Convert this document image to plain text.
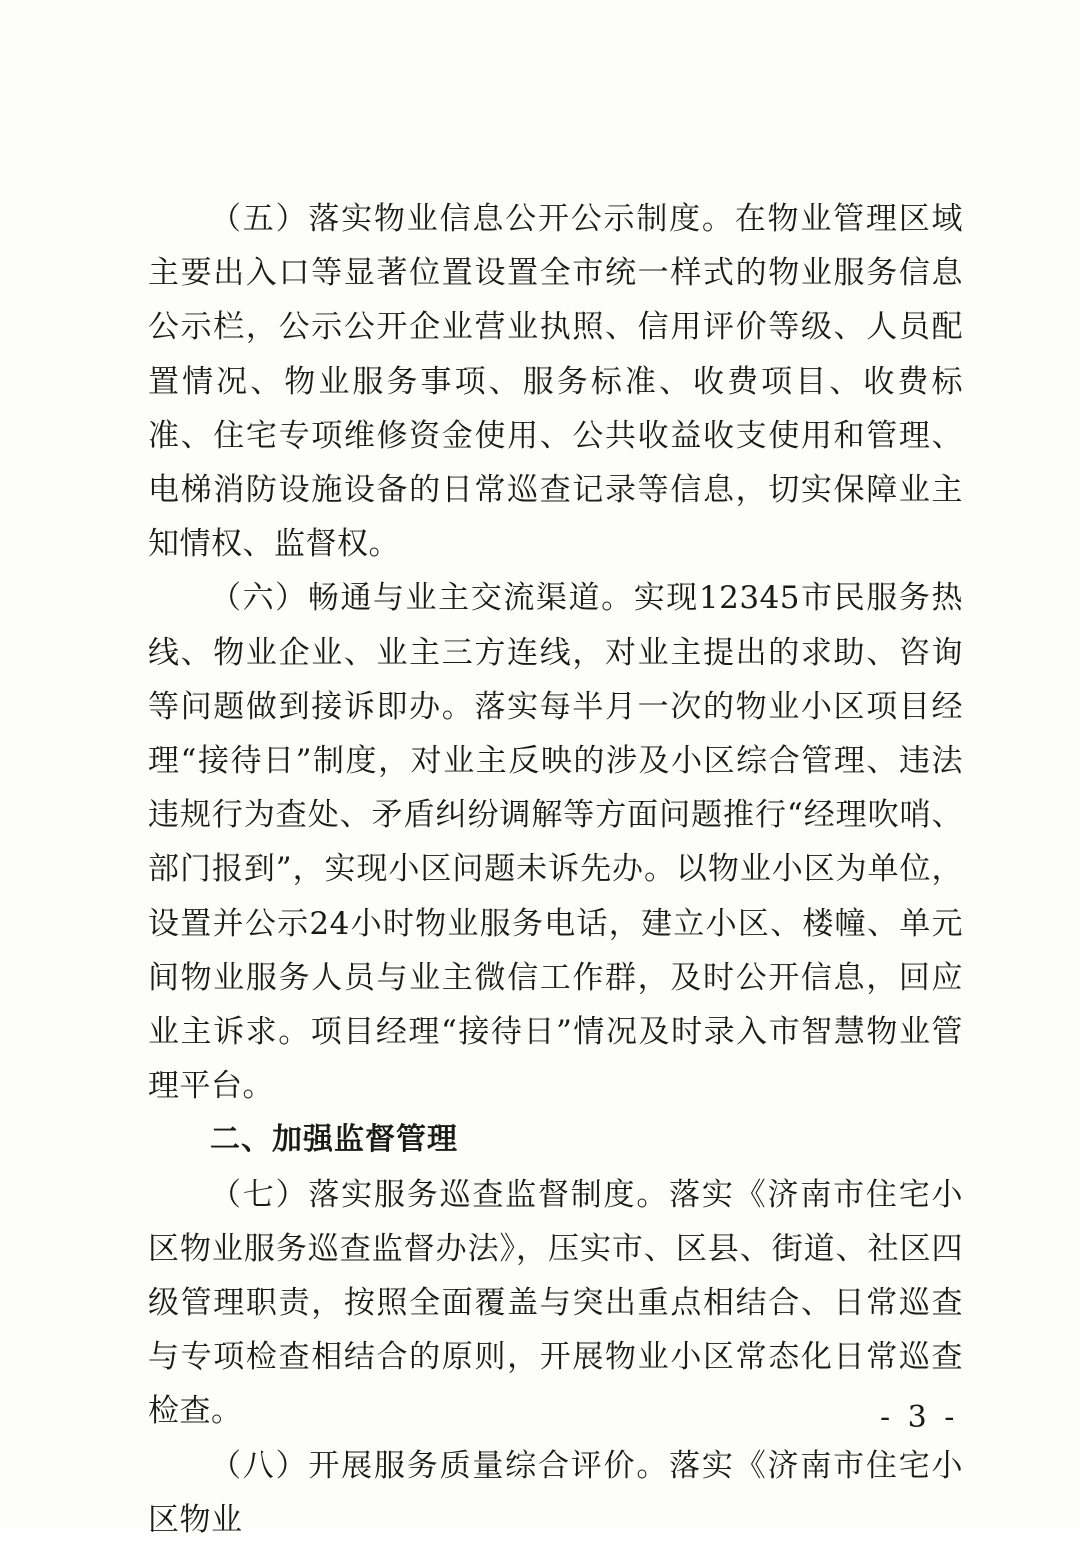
（五）落实物业信息公开公示制度。在物业管理区域主要出入口等显著位置设置全市统一样式的物业服务信息公示栏，公示公开企业营业执照、信用评价等级、人员配置情况、物业服务事项、服务标准、收费项目、收费标准、住宅专项维修资金使用、公共收益收支使用和管理、电梯消防设施设备的日常巡查记录等信息，切实保障业主知情权、监督权。

（六）畅通与业主交流渠道。实现12345市民服务热线、物业企业、业主三方连线，对业主提出的求助、咨询等问题做到接诉即办。落实每半月一次的物业小区项目经理“接待日”制度，对业主反映的涉及小区综合管理、违法违规行为查处、矛盾纠纷调解等方面问题推行“经理吹哨、部门报到”，实现小区问题未诉先办。以物业小区为单位，设置并公示24小时物业服务电话，建立小区、楼幢、单元间物业服务人员与业主微信工作群，及时公开信息，回应业主诉求。项目经理“接待日”情况及时录入市智慧物业管理平台。

二、加强监督管理

（七）落实服务巡查监督制度。落实《济南市住宅小区物业服务巡查监督办法》，压实市、区县、街道、社区四级管理职责，按照全面覆盖与突出重点相结合、日常巡查与专项检查相结合的原则，开展物业小区常态化日常巡查检查。

（八）开展服务质量综合评价。落实《济南市住宅小区物业

- 3 -
